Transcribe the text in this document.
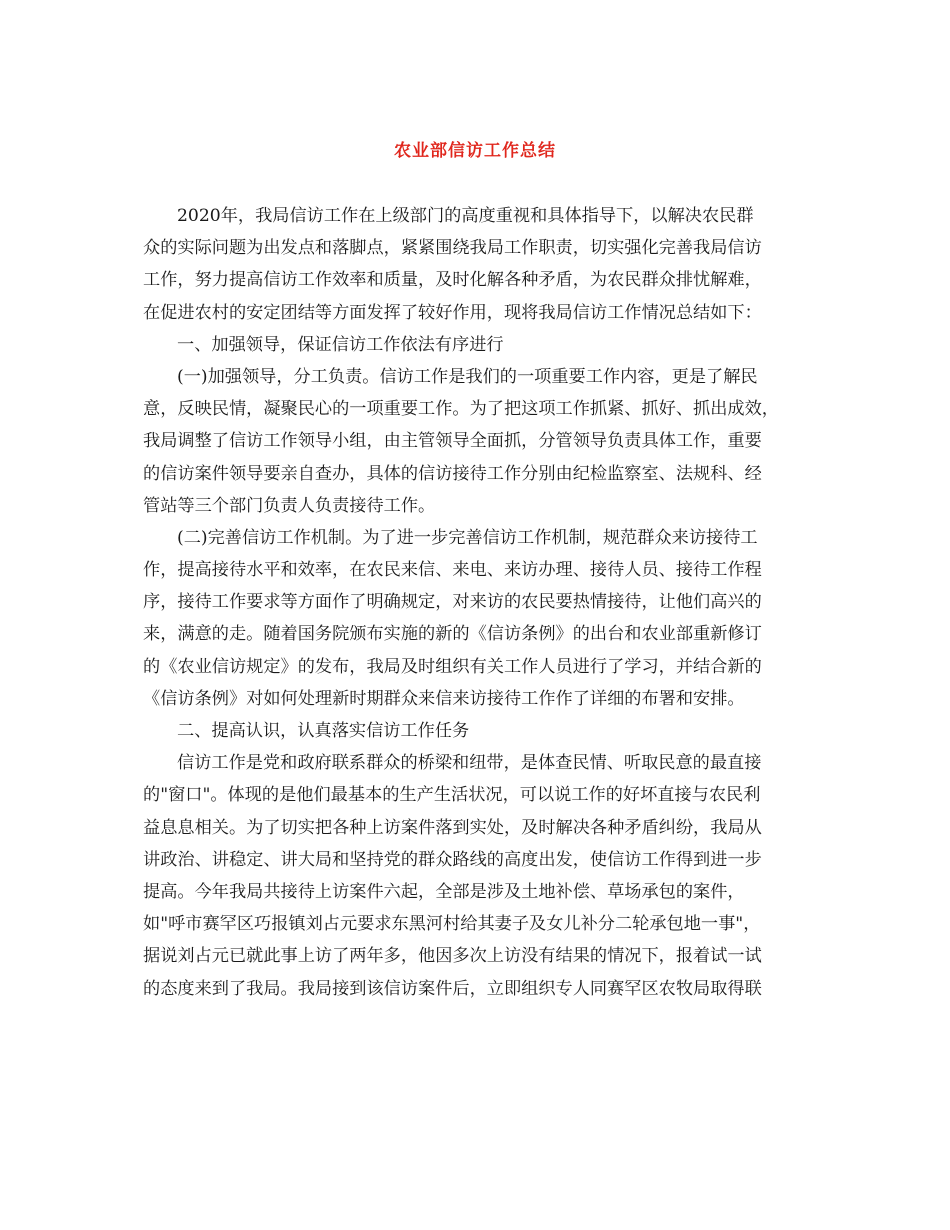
农业部信访工作总结
2020年，我局信访工作在上级部门的高度重视和具体指导下，以解决农民群
众的实际问题为出发点和落脚点，紧紧围绕我局工作职责，切实强化完善我局信访
工作，努力提高信访工作效率和质量，及时化解各种矛盾，为农民群众排忧解难，
在促进农村的安定团结等方面发挥了较好作用，现将我局信访工作情况总结如下：
一、加强领导，保证信访工作依法有序进行
(一)加强领导，分工负责。信访工作是我们的一项重要工作内容，更是了解民
意，反映民情，凝聚民心的一项重要工作。为了把这项工作抓紧、抓好、抓出成效，
我局调整了信访工作领导小组，由主管领导全面抓，分管领导负责具体工作，重要
的信访案件领导要亲自查办，具体的信访接待工作分别由纪检监察室、法规科、经
管站等三个部门负责人负责接待工作。
(二)完善信访工作机制。为了进一步完善信访工作机制，规范群众来访接待工
作，提高接待水平和效率，在农民来信、来电、来访办理、接待人员、接待工作程
序，接待工作要求等方面作了明确规定，对来访的农民要热情接待，让他们高兴的
来，满意的走。随着国务院颁布实施的新的《信访条例》的出台和农业部重新修订
的《农业信访规定》的发布，我局及时组织有关工作人员进行了学习，并结合新的
《信访条例》对如何处理新时期群众来信来访接待工作作了详细的布署和安排。
二、提高认识，认真落实信访工作任务
信访工作是党和政府联系群众的桥梁和纽带，是体查民情、听取民意的最直接
的"窗口"。体现的是他们最基本的生产生活状况，可以说工作的好坏直接与农民利
益息息相关。为了切实把各种上访案件落到实处，及时解决各种矛盾纠纷，我局从
讲政治、讲稳定、讲大局和坚持党的群众路线的高度出发，使信访工作得到进一步
提高。今年我局共接待上访案件六起，全部是涉及土地补偿、草场承包的案件，
如"呼市赛罕区巧报镇刘占元要求东黑河村给其妻子及女儿补分二轮承包地一事"，
据说刘占元已就此事上访了两年多，他因多次上访没有结果的情况下，报着试一试
的态度来到了我局。我局接到该信访案件后，立即组织专人同赛罕区农牧局取得联
